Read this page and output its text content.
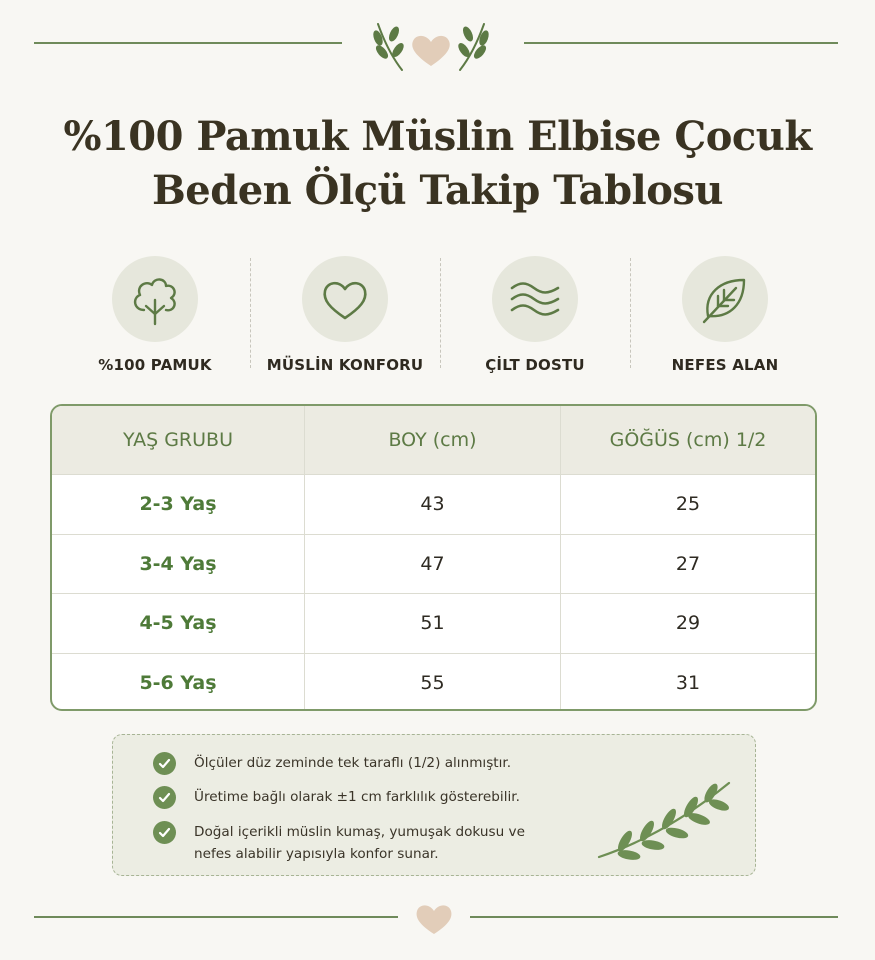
%100 Pamuk Müslin Elbise Çocuk
Beden Ölçü Takip Tablosu
%100 PAMUK	MÜSLİN KONFORU	ÇİLT DOSTU	NEFES ALAN
YAŞ GRUBU	BOY (cm)	GÖĞÜS (cm) 1/2
2-3 Yaş	43	25
3-4 Yaş	47	27
4-5 Yaş	51	29
5-6 Yaş	55	31
Ölçüler düz zeminde tek taraflı (1/2) alınmıştır.
Üretime bağlı olarak ±1 cm farklılık gösterebilir.
Doğal içerikli müslin kumaş, yumuşak dokusu ve nefes alabilir yapısıyla konfor sunar.
